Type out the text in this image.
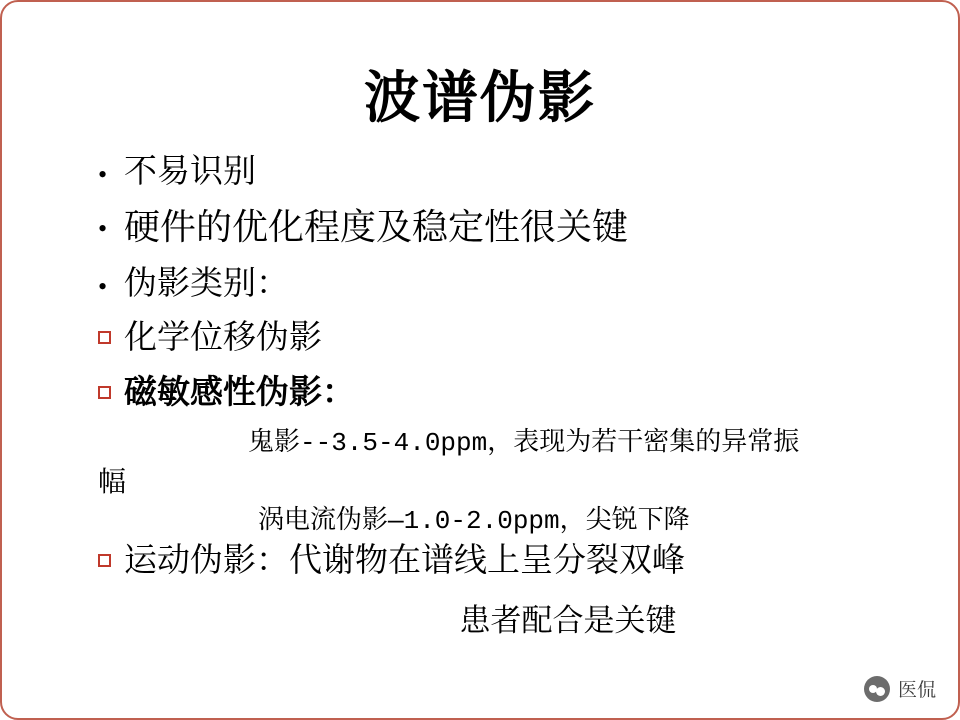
波谱伪影
• 不易识别
• 硬件的优化程度及稳定性很关键
• 伪影类别：
化学位移伪影
磁敏感性伪影：
鬼影--3.5-4.0ppm，表现为若干密集的异常振
幅
涡电流伪影—1.0-2.0ppm，尖锐下降
运动伪影：代谢物在谱线上呈分裂双峰
患者配合是关键
医侃
